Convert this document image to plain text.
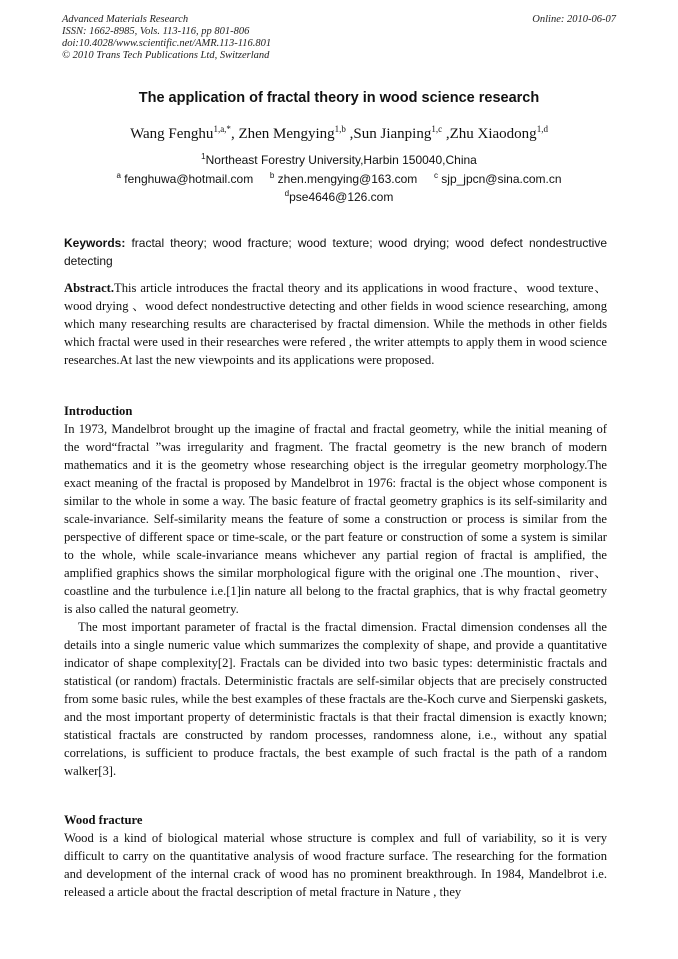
Advanced Materials Research
ISSN: 1662-8985, Vols. 113-116, pp 801-806
doi:10.4028/www.scientific.net/AMR.113-116.801
© 2010 Trans Tech Publications Ltd, Switzerland
Online: 2010-06-07
The application of fractal theory in wood science research
Wang Fenghu$^{1,a,*}$, Zhen Mengying$^{1,b}$ ,Sun Jianping$^{1,c}$ ,Zhu Xiaodong$^{1,d}$
$^1$Northeast Forestry University,Harbin 150040,China
$^a$ fenghuwa@hotmail.com $^b$ zhen.mengying@163.com $^c$ sjp_jpcn@sina.com.cn
$^d$pse4646@126.com
Keywords: fractal theory; wood fracture; wood texture; wood drying; wood defect nondestructive detecting
Abstract.This article introduces the fractal theory and its applications in wood fracture、wood texture、wood drying 、wood defect nondestructive detecting and other fields in wood science researching, among which many researching results are characterised by fractal dimension. While the methods in other fields which fractal were used in their researches were refered , the writer attempts to apply them in wood science researches.At last the new viewpoints and its applications were proposed.
Introduction

In 1973, Mandelbrot brought up the imagine of fractal and fractal geometry, while the initial meaning of the word“fractal ”was irregularity and fragment. The fractal geometry is the new branch of modern mathematics and it is the geometry whose researching object is the irregular geometry morphology.The exact meaning of the fractal is proposed by Mandelbrot in 1976: fractal is the object whose component is similar to the whole in some a way. The basic feature of fractal geometry graphics is its self-similarity and scale-invariance. Self-similarity means the feature of some a construction or process is similar from the perspective of different space or time-scale, or the part feature or construction of some a system is similar to the whole, while scale-invariance means whichever any partial region of fractal is amplified, the amplified graphics shows the similar morphological figure with the original one .The mountion、river、coastline and the turbulence i.e.[1]in nature all belong to the fractal graphics, that is why fractal geometry is also called the natural geometry.

The most important parameter of fractal is the fractal dimension. Fractal dimension condenses all the details into a single numeric value which summarizes the complexity of shape, and provide a quantitative indicator of shape complexity[2]. Fractals can be divided into two basic types: deterministic fractals and statistical (or random) fractals. Deterministic fractals are self-similar objects that are precisely constructed from some basic rules, while the best examples of these fractals are the-Koch curve and Sierpenski gaskets, and the most important property of deterministic fractals is that their fractal dimension is exactly known; statistical fractals are constructed by random processes, randomness alone, i.e., without any spatial correlations, is sufficient to produce fractals, the best example of such fractal is the path of a random walker[3].

Wood fracture
Wood is a kind of biological material whose structure is complex and full of variability, so it is very difficult to carry on the quantitative analysis of wood fracture surface. The researching for the formation and development of the internal crack of wood has no prominent breakthrough. In 1984, Mandelbrot i.e. released a article about the fractal description of metal fracture in Nature , they
